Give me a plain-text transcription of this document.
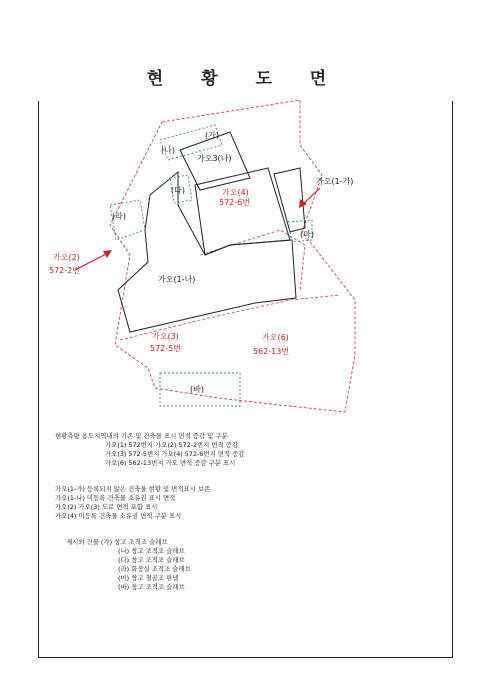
현 황 도 면
가오3(나)
가오(4)
572-6번
가오(1-가)
가오(2)
572-2번
가오(1-나)
가오(3)
572-5번
가오(6)
562-13번
(가)
(나)
(다)
(라)
(마)
(바)
현황측량 용도지역내의 기존 및 건축물 표시 면적 증감 및 구분
가오(1) 572번지 가오(2) 572-2번지 면적 증감
가오(3) 572-5번지 가오(4) 572-6번지 면적 증감
가오(6) 562-13번지 가오 면적 증감 구분 표시
가오(1-가) 등록되지 않은 건축물 현황 및 면적표시 보존
가오(1-나) 미등록 건축물 소유권 표시 면적
가오(2) 가오(3) 도로 면적 포함 표시
가오(4) 미등록 건축물 소유권 면적 구분 표시
제시외 건물 (가) 창고 조적조 슬래브
(나) 창고 조적조 슬래브
(다) 창고 조적조 슬래브
(라) 화장실 조적조 슬래브
(마) 창고 철골조 판넬
(바) 창고 조적조 슬래브
